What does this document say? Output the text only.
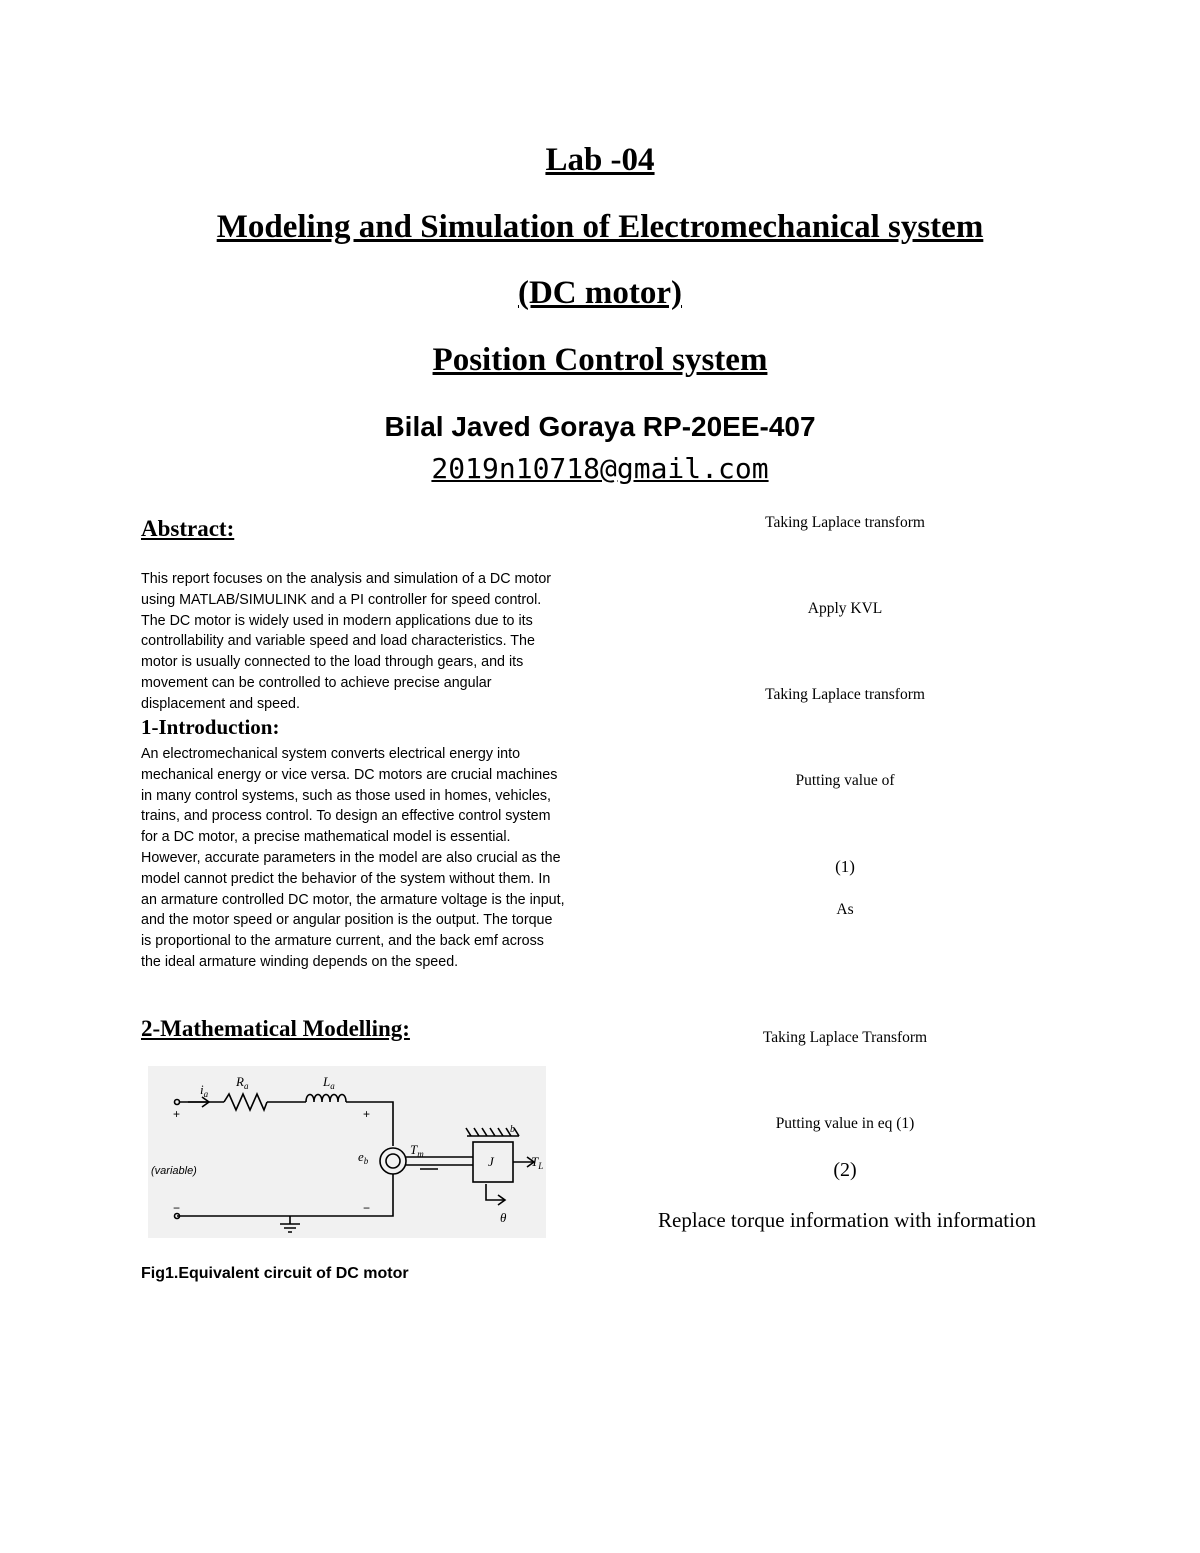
Lab -04
Modeling and Simulation of Electromechanical system
(DC motor)
Position Control system
Bilal Javed Goraya RP-20EE-407
2019n10718@gmail.com
Abstract:
This report focuses on the analysis and simulation of a DC motor using MATLAB/SIMULINK and a PI controller for speed control. The DC motor is widely used in modern applications due to its controllability and variable speed and load characteristics. The motor is usually connected to the load through gears, and its movement can be controlled to achieve precise angular displacement and speed.
1-Introduction:
An electromechanical system converts electrical energy into mechanical energy or vice versa. DC motors are crucial machines in many control systems, such as those used in homes, vehicles, trains, and process control. To design an effective control system for a DC motor, a precise mathematical model is essential. However, accurate parameters in the model are also crucial as the model cannot predict the behavior of the system without them. In an armature controlled DC motor, the armature voltage is the input, and the motor speed or angular position is the output. The torque is proportional to the armature current, and the back emf across the ideal armature winding depends on the speed.
2-Mathematical Modelling:
$i_a$
$R_a$	$L_a$
$e_b$
$T_m$	J	$T_L$
θ
b
+	+
−	−
(variable)
Fig1.Equivalent circuit of DC motor
Taking Laplace transform
Apply KVL
Taking Laplace transform
Putting value of
(1)
As
Taking Laplace Transform
Putting value in eq (1)
(2)
Replace torque information with information
